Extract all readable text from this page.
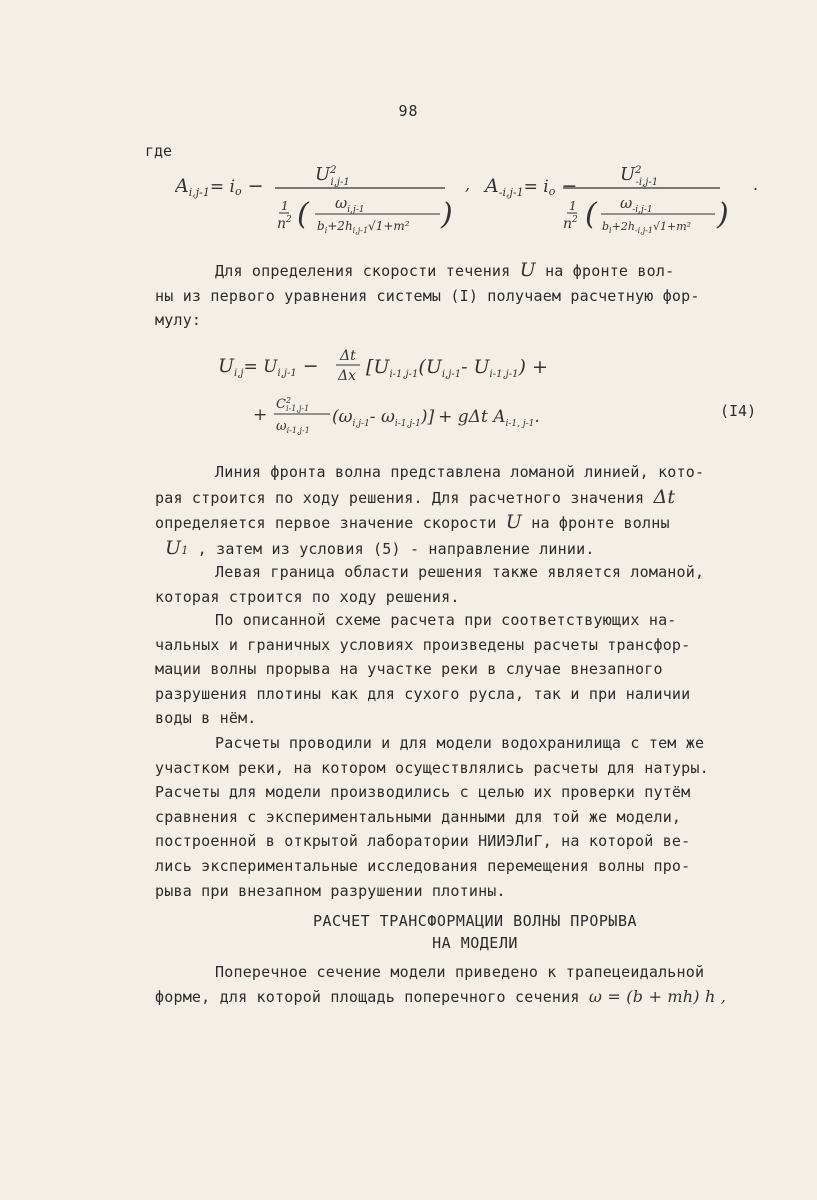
98
где
$A_{i,j-1}=$ io −
$U^2$ i,j-1
1
$n^2$ ( $\omega_{i,j-1}$
$b_i+2h_{i,j-1}√1+m^2$ )
, $A_{-i,j-1}=$ io −
$U^2$ -i,j-1
1
$n^2$ ( $\omega_{-i,j-1}$
$b_i+2h_{-i,j-1}√1+m^2$ )
.

Для определения скорости течения U на фронте вол-
ны из первого уравнения системы (I) получаем расчетную фор-
мулу:

$U_{i,j}= U_{i,j-1} - \Delta t$
Δx [$U_{i-1,j-1}(U_{i,j-1}-$ $U_{i-1,j-1}$) +
+
$C^2$ i-1,j-1
$\omega_{i-1,j-1}$
($\omega_{i,j-1}-$ $\omega_{i-1,j-1})] + g\Delta t$ $A_{i-1, j-1}$.	(I4)

Линия фронта волна представлена ломаной линией, кото-
рая строится по ходу решения. Для расчетного значения Δt
определяется первое значение скорости U на фронте волны
U1 , затем из условия (5) - направление линии.

Левая граница области решения также является ломаной,
которая строится по ходу решения.

По описанной схеме расчета при соответствующих на-
чальных и граничных условиях произведены расчеты трансфор-
мации волны прорыва на участке реки в случае внезапного
разрушения плотины как для сухого русла, так и при наличии
воды в нём.

Расчеты проводили и для модели водохранилища с тем же
участком реки, на котором осуществлялись расчеты для натуры.
Расчеты для модели производились с целью их проверки путём
сравнения с экспериментальными данными для той же модели,
построенной в открытой лаборатории НИИЭЛиГ, на которой ве-
лись экспериментальные исследования перемещения волны про-
рыва при внезапном разрушении плотины.

РАСЧЕТ ТРАНСФОРМАЦИИ ВОЛНЫ ПРОРЫВА
НА МОДЕЛИ

Поперечное сечение модели приведено к трапецеидальной
форме, для которой площадь поперечного сечения ω = (b + mh) h ,
